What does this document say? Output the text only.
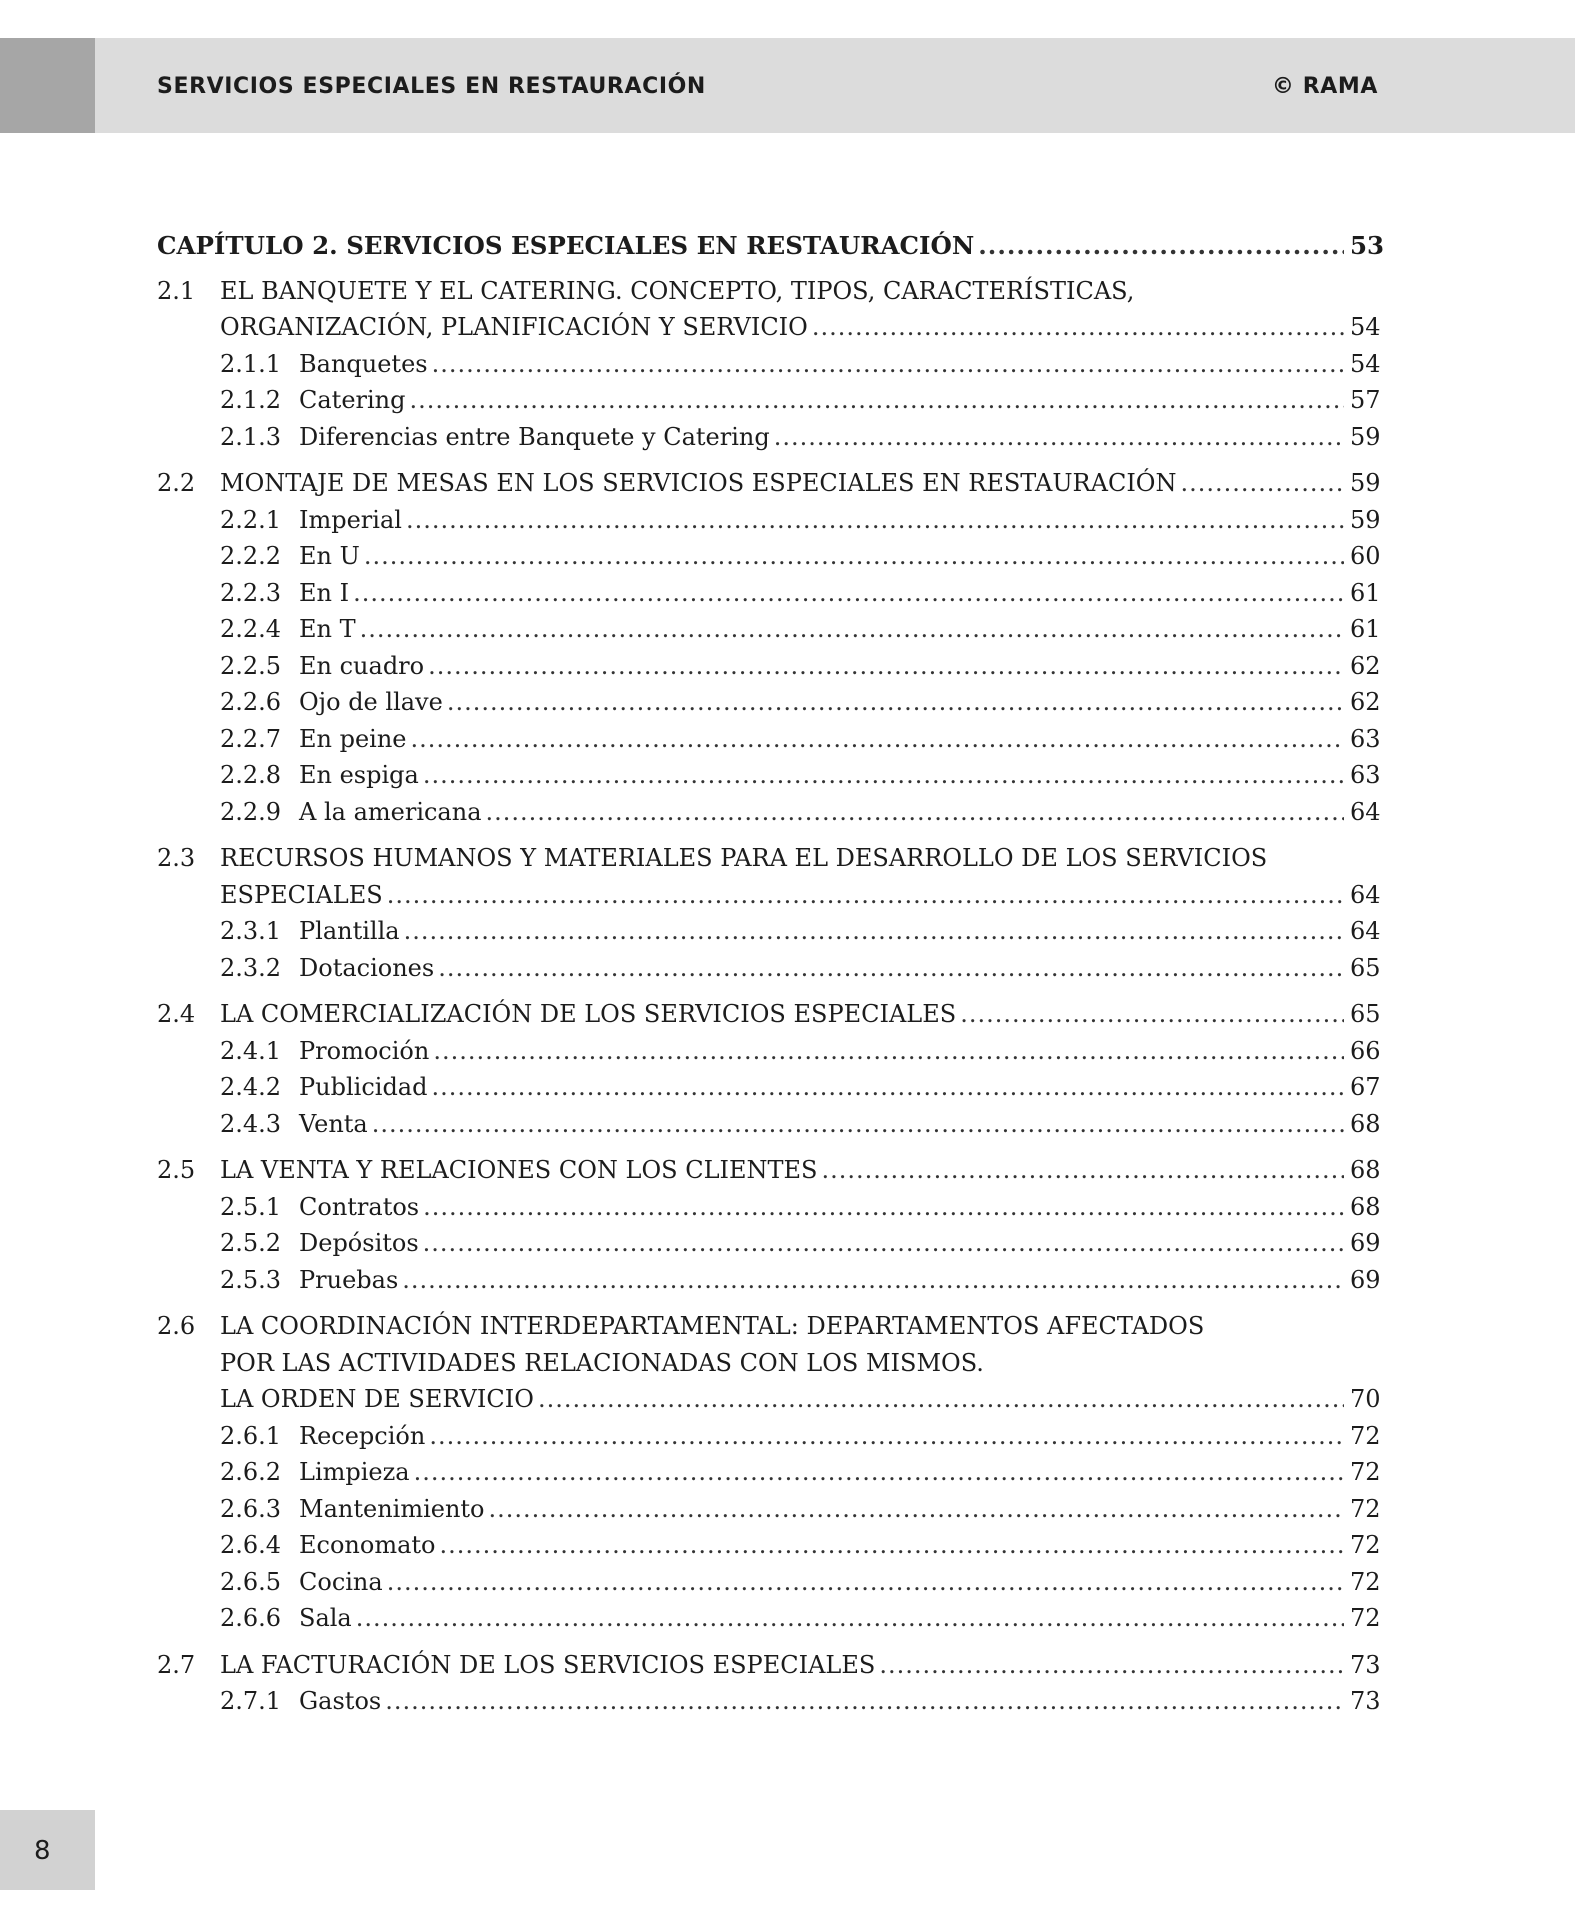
SERVICIOS ESPECIALES EN RESTAURACIÓN	© RAMA
CAPÍTULO 2. SERVICIOS ESPECIALES EN RESTAURACIÓN .....	53
2.1	EL BANQUETE Y EL CATERING. CONCEPTO, TIPOS, CARACTERÍSTICAS,
ORGANIZACIÓN, PLANIFICACIÓN Y SERVICIO .....	54
2.1.1 Banquetes .....	54
2.1.2 Catering .....	57
2.1.3 Diferencias entre Banquete y Catering .....	59
2.2	MONTAJE DE MESAS EN LOS SERVICIOS ESPECIALES EN RESTAURACIÓN .....	59
2.2.1 Imperial .....	59
2.2.2 En U .....	60
2.2.3 En I .....	61
2.2.4 En T .....	61
2.2.5 En cuadro .....	62
2.2.6 Ojo de llave .....	62
2.2.7 En peine .....	63
2.2.8 En espiga .....	63
2.2.9 A la americana .....	64
2.3	RECURSOS HUMANOS Y MATERIALES PARA EL DESARROLLO DE LOS SERVICIOS
ESPECIALES .....	64
2.3.1 Plantilla .....	64
2.3.2 Dotaciones .....	65
2.4	LA COMERCIALIZACIÓN DE LOS SERVICIOS ESPECIALES .....	65
2.4.1 Promoción .....	66
2.4.2 Publicidad .....	67
2.4.3 Venta .....	68
2.5	LA VENTA Y RELACIONES CON LOS CLIENTES .....	68
2.5.1 Contratos .....	68
2.5.2 Depósitos .....	69
2.5.3 Pruebas .....	69
2.6	LA COORDINACIÓN INTERDEPARTAMENTAL: DEPARTAMENTOS AFECTADOS
POR LAS ACTIVIDADES RELACIONADAS CON LOS MISMOS.
LA ORDEN DE SERVICIO .....	70
2.6.1 Recepción .....	72
2.6.2 Limpieza .....	72
2.6.3 Mantenimiento .....	72
2.6.4 Economato .....	72
2.6.5 Cocina .....	72
2.6.6 Sala .....	72
2.7	LA FACTURACIÓN DE LOS SERVICIOS ESPECIALES .....	73
2.7.1 Gastos .....	73
8
